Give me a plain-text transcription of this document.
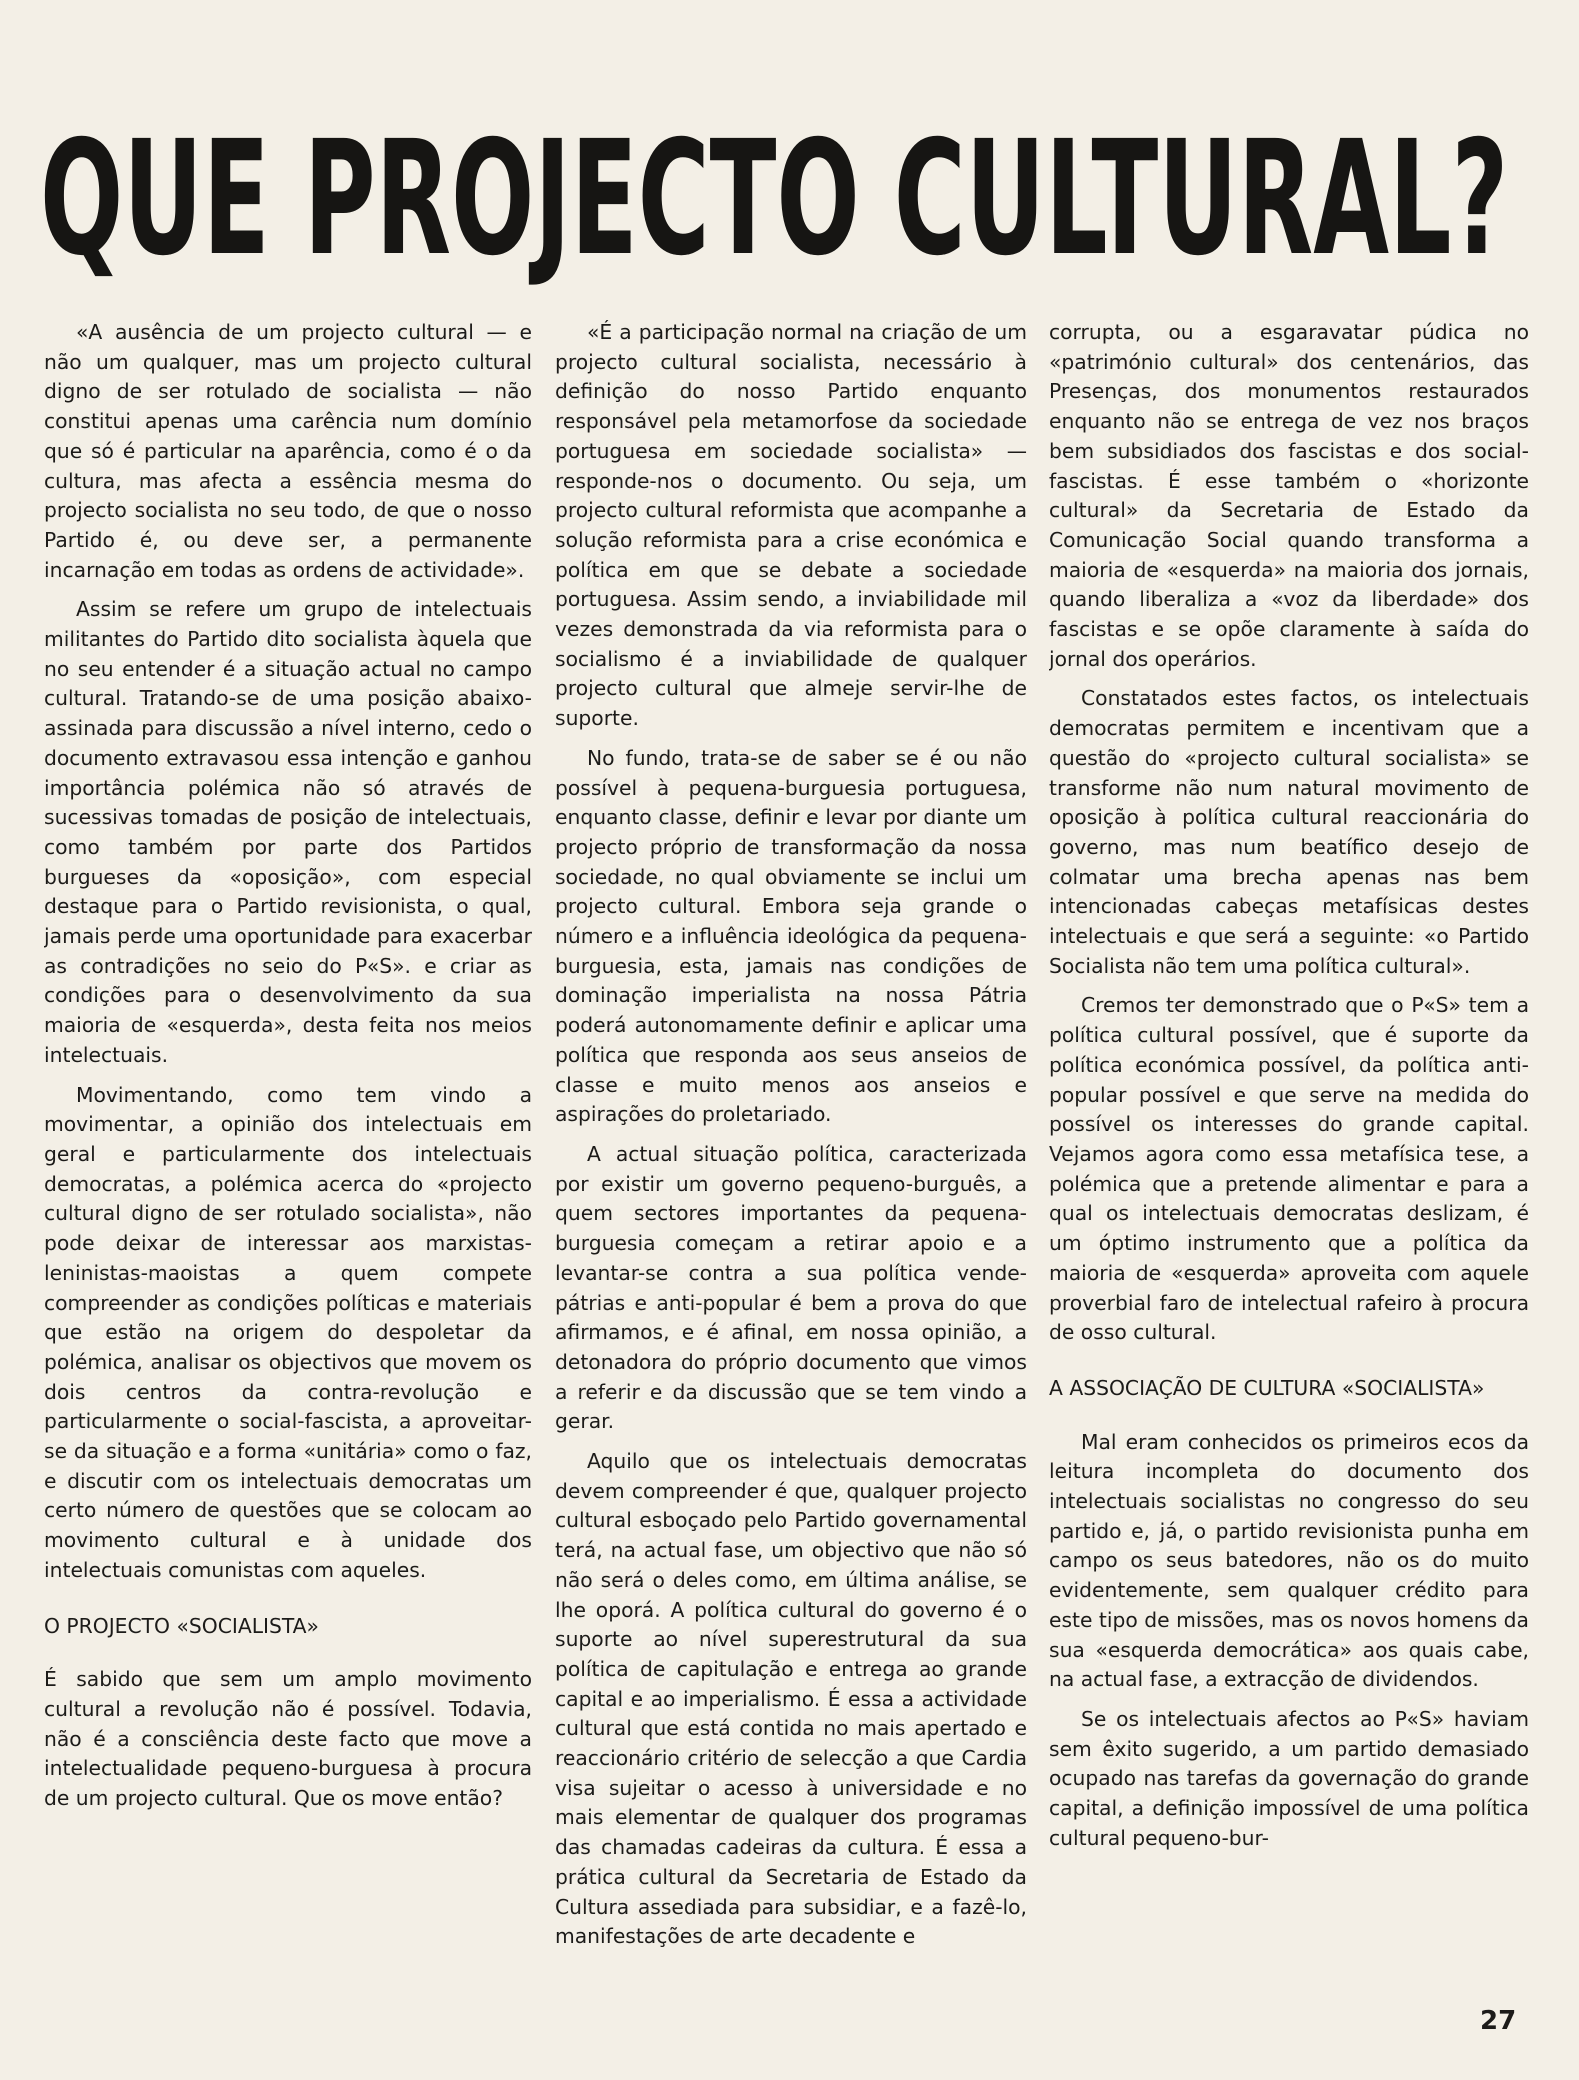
QUE PROJECTO CULTURAL?

«A ausência de um projecto cultural — e não um qualquer, mas um projecto cultural digno de ser rotulado de socialista — não constitui apenas uma carência num domínio que só é particular na aparência, como é o da cultura, mas afecta a essência mesma do projecto socialista no seu todo, de que o nosso Partido é, ou deve ser, a permanente incarnação em todas as ordens de actividade».

Assim se refere um grupo de intelectuais militantes do Partido dito socialista àquela que no seu entender é a situação actual no campo cultural. Tratando-se de uma posição abaixo-assinada para discussão a nível interno, cedo o documento extravasou essa intenção e ganhou importância polémica não só através de sucessivas tomadas de posição de intelectuais, como também por parte dos Partidos burgueses da «oposição», com especial destaque para o Partido revisionista, o qual, jamais perde uma oportunidade para exacerbar as contradições no seio do P«S». e criar as condições para o desenvolvimento da sua maioria de «esquerda», desta feita nos meios intelectuais.

Movimentando, como tem vindo a movimentar, a opinião dos intelectuais em geral e particularmente dos intelectuais democratas, a polémica acerca do «projecto cultural digno de ser rotulado socialista», não pode deixar de interessar aos marxistas-leninistas-maoistas a quem compete compreender as condições políticas e materiais que estão na origem do despoletar da polémica, analisar os objectivos que movem os dois centros da contra-revolução e particularmente o social-fascista, a aproveitar-se da situação e a forma «unitária» como o faz, e discutir com os intelectuais democratas um certo número de questões que se colocam ao movimento cultural e à unidade dos intelectuais comunistas com aqueles.

O PROJECTO «SOCIALISTA»

É sabido que sem um amplo movimento cultural a revolução não é possível. Todavia, não é a consciência deste facto que move a intelectualidade pequeno-burguesa à procura de um projecto cultural. Que os move então?

«É a participação normal na criação de um projecto cultural socialista, necessário à definição do nosso Partido enquanto responsável pela metamorfose da sociedade portuguesa em sociedade socialista» — responde-nos o documento. Ou seja, um projecto cultural reformista que acompanhe a solução reformista para a crise económica e política em que se debate a sociedade portuguesa. Assim sendo, a inviabilidade mil vezes demonstrada da via reformista para o socialismo é a inviabilidade de qualquer projecto cultural que almeje servir-lhe de suporte.

No fundo, trata-se de saber se é ou não possível à pequena-burguesia portuguesa, enquanto classe, definir e levar por diante um projecto próprio de transformação da nossa sociedade, no qual obviamente se inclui um projecto cultural. Embora seja grande o número e a influência ideológica da pequena-burguesia, esta, jamais nas condições de dominação imperialista na nossa Pátria poderá autonomamente definir e aplicar uma política que responda aos seus anseios de classe e muito menos aos anseios e aspirações do proletariado.

A actual situação política, caracterizada por existir um governo pequeno-burguês, a quem sectores importantes da pequena-burguesia começam a retirar apoio e a levantar-se contra a sua política vende-pátrias e anti-popular é bem a prova do que afirmamos, e é afinal, em nossa opinião, a detonadora do próprio documento que vimos a referir e da discussão que se tem vindo a gerar.

Aquilo que os intelectuais democratas devem compreender é que, qualquer projecto cultural esboçado pelo Partido governamental terá, na actual fase, um objectivo que não só não será o deles como, em última análise, se lhe oporá. A política cultural do governo é o suporte ao nível superestrutural da sua política de capitulação e entrega ao grande capital e ao imperialismo. É essa a actividade cultural que está contida no mais apertado e reaccionário critério de selecção a que Cardia visa sujeitar o acesso à universidade e no mais elementar de qualquer dos programas das chamadas cadeiras da cultura. É essa a prática cultural da Secretaria de Estado da Cultura assediada para subsidiar, e a fazê-lo, manifestações de arte decadente e

corrupta, ou a esgaravatar púdica no «património cultural» dos centenários, das Presenças, dos monumentos restaurados enquanto não se entrega de vez nos braços bem subsidiados dos fascistas e dos social-fascistas. É esse também o «horizonte cultural» da Secretaria de Estado da Comunicação Social quando transforma a maioria de «esquerda» na maioria dos jornais, quando liberaliza a «voz da liberdade» dos fascistas e se opõe claramente à saída do jornal dos operários.

Constatados estes factos, os intelectuais democratas permitem e incentivam que a questão do «projecto cultural socialista» se transforme não num natural movimento de oposição à política cultural reaccionária do governo, mas num beatífico desejo de colmatar uma brecha apenas nas bem intencionadas cabeças metafísicas destes intelectuais e que será a seguinte: «o Partido Socialista não tem uma política cultural».

Cremos ter demonstrado que o P«S» tem a política cultural possível, que é suporte da política económica possível, da política anti-popular possível e que serve na medida do possível os interesses do grande capital. Vejamos agora como essa metafísica tese, a polémica que a pretende alimentar e para a qual os intelectuais democratas deslizam, é um óptimo instrumento que a política da maioria de «esquerda» aproveita com aquele proverbial faro de intelectual rafeiro à procura de osso cultural.

A ASSOCIAÇÃO DE CULTURA «SOCIALISTA»

Mal eram conhecidos os primeiros ecos da leitura incompleta do documento dos intelectuais socialistas no congresso do seu partido e, já, o partido revisionista punha em campo os seus batedores, não os do muito evidentemente, sem qualquer crédito para este tipo de missões, mas os novos homens da sua «esquerda democrática» aos quais cabe, na actual fase, a extracção de dividendos.

Se os intelectuais afectos ao P«S» haviam sem êxito sugerido, a um partido demasiado ocupado nas tarefas da governação do grande capital, a definição impossível de uma política cultural pequeno-bur-

27
